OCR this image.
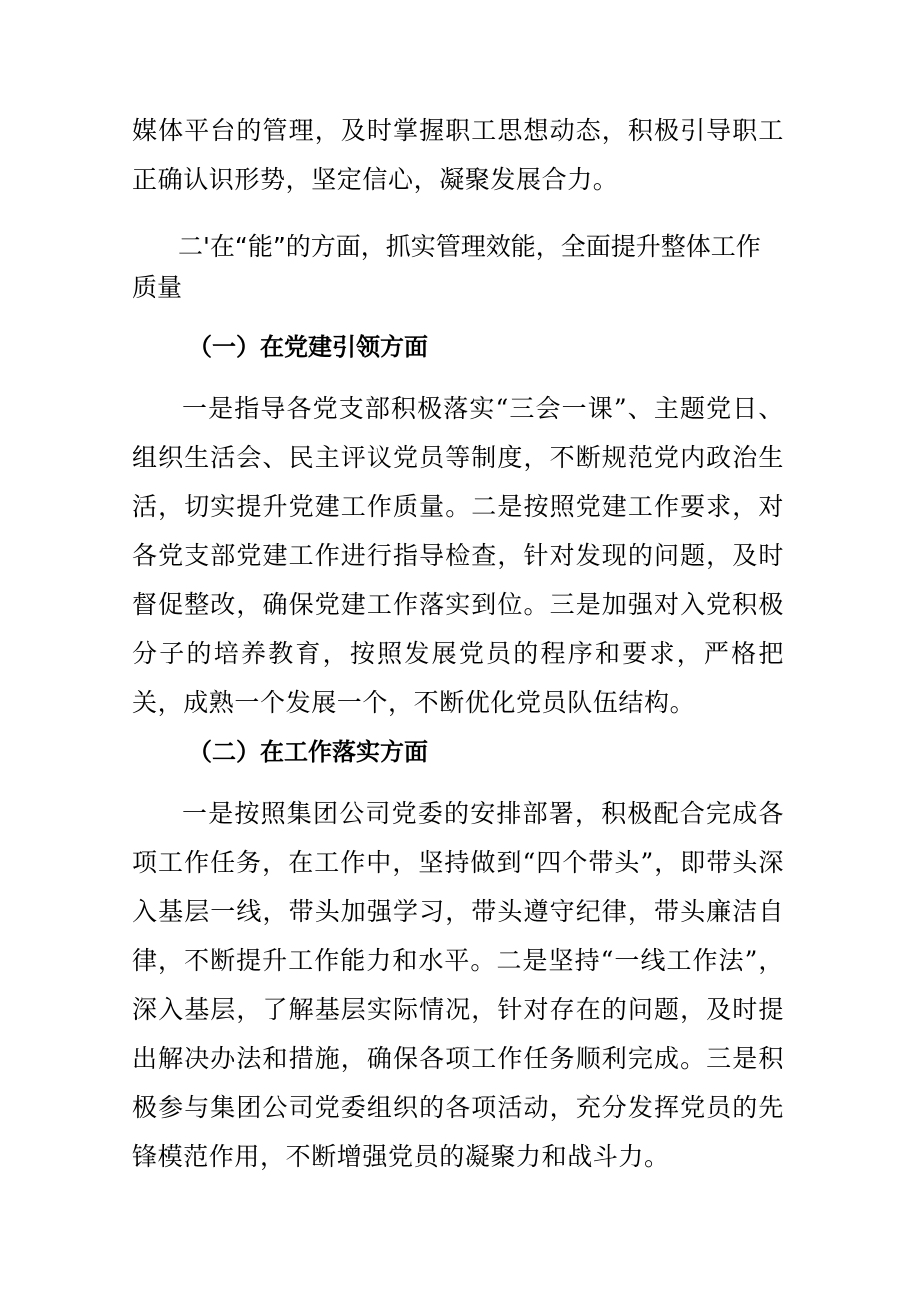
媒体平台的管理，及时掌握职工思想动态，积极引导职工正确认识形势，坚定信心，凝聚发展合力。

二'在“能”的方面，抓实管理效能，全面提升整体工作质量
（一）在党建引领方面

一是指导各党支部积极落实“三会一课”、主题党日、组织生活会、民主评议党员等制度，不断规范党内政治生活，切实提升党建工作质量。二是按照党建工作要求，对各党支部党建工作进行指导检查，针对发现的问题，及时督促整改，确保党建工作落实到位。三是加强对入党积极分子的培养教育，按照发展党员的程序和要求，严格把关，成熟一个发展一个，不断优化党员队伍结构。

（二）在工作落实方面

一是按照集团公司党委的安排部署，积极配合完成各项工作任务，在工作中，坚持做到“四个带头”，即带头深入基层一线，带头加强学习，带头遵守纪律，带头廉洁自律，不断提升工作能力和水平。二是坚持“一线工作法”，深入基层，了解基层实际情况，针对存在的问题，及时提出解决办法和措施，确保各项工作任务顺利完成。三是积极参与集团公司党委组织的各项活动，充分发挥党员的先锋模范作用，不断增强党员的凝聚力和战斗力。
